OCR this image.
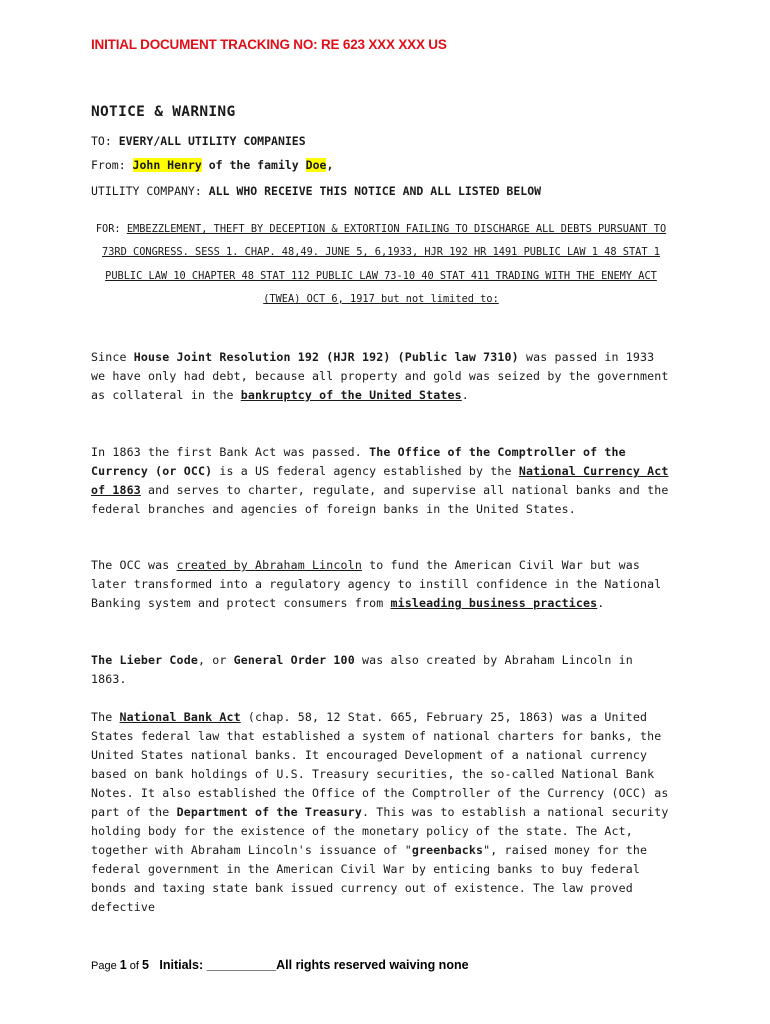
INITIAL DOCUMENT TRACKING NO: RE 623 XXX XXX US
NOTICE & WARNING
TO: EVERY/ALL UTILITY COMPANIES
From: John Henry of the family Doe,
UTILITY COMPANY: ALL WHO RECEIVE THIS NOTICE AND ALL LISTED BELOW
FOR: EMBEZZLEMENT, THEFT BY DECEPTION & EXTORTION FAILING TO DISCHARGE ALL DEBTS PURSUANT TO 73RD CONGRESS. SESS 1. CHAP. 48,49. JUNE 5, 6,1933, HJR 192 HR 1491 PUBLIC LAW 1 48 STAT 1 PUBLIC LAW 10 CHAPTER 48 STAT 112 PUBLIC LAW 73-10 40 STAT 411 TRADING WITH THE ENEMY ACT (TWEA) OCT 6, 1917 but not limited to:

Since House Joint Resolution 192 (HJR 192) (Public law 7310) was passed in 1933 we have only had debt, because all property and gold was seized by the government as collateral in the bankruptcy of the United States.

In 1863 the first Bank Act was passed. The Office of the Comptroller of the Currency (or OCC) is a US federal agency established by the National Currency Act of 1863 and serves to charter, regulate, and supervise all national banks and the federal branches and agencies of foreign banks in the United States.

The OCC was created by Abraham Lincoln to fund the American Civil War but was later transformed into a regulatory agency to instill confidence in the National Banking system and protect consumers from misleading business practices.

The Lieber Code, or General Order 100 was also created by Abraham Lincoln in 1863.

The National Bank Act (chap. 58, 12 Stat. 665, February 25, 1863) was a United States federal law that established a system of national charters for banks, the United States national banks. It encouraged Development of a national currency based on bank holdings of U.S. Treasury securities, the so-called National Bank Notes. It also established the Office of the Comptroller of the Currency (OCC) as part of the Department of the Treasury. This was to establish a national security holding body for the existence of the monetary policy of the state. The Act, together with Abraham Lincoln's issuance of "greenbacks", raised money for the federal government in the American Civil War by enticing banks to buy federal bonds and taxing state bank issued currency out of existence. The law proved defective

Page 1 of 5 Initials: __________All rights reserved waiving none
